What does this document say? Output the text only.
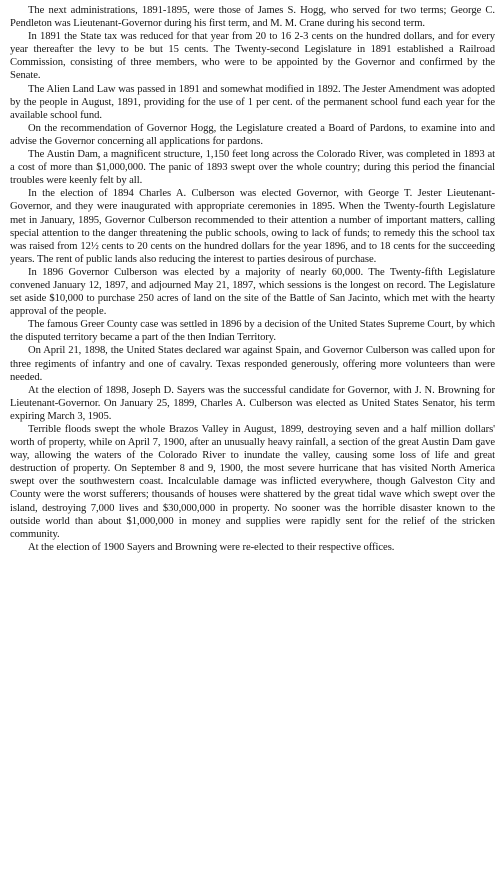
The next administrations, 1891-1895, were those of James S. Hogg, who served for two terms; George C. Pendleton was Lieutenant-Governor during his first term, and M. M. Crane during his second term.

In 1891 the State tax was reduced for that year from 20 to 16 2-3 cents on the hundred dollars, and for every year thereafter the levy to be but 15 cents. The Twenty-second Legislature in 1891 established a Railroad Commission, consisting of three members, who were to be appointed by the Governor and confirmed by the Senate.

The Alien Land Law was passed in 1891 and somewhat modified in 1892. The Jester Amendment was adopted by the people in August, 1891, providing for the use of 1 per cent. of the permanent school fund each year for the available school fund.

On the recommendation of Governor Hogg, the Legislature created a Board of Pardons, to examine into and advise the Governor concerning all applications for pardons.

The Austin Dam, a magnificent structure, 1,150 feet long across the Colorado River, was completed in 1893 at a cost of more than $1,000,000. The panic of 1893 swept over the whole country; during this period the financial troubles were keenly felt by all.

In the election of 1894 Charles A. Culberson was elected Governor, with George T. Jester Lieutenant-Governor, and they were inaugurated with appropriate ceremonies in 1895. When the Twenty-fourth Legislature met in January, 1895, Governor Culberson recommended to their attention a number of important matters, calling special attention to the danger threatening the public schools, owing to lack of funds; to remedy this the school tax was raised from 12½ cents to 20 cents on the hundred dollars for the year 1896, and to 18 cents for the succeeding years. The rent of public lands also reducing the interest to parties desirous of purchase.

In 1896 Governor Culberson was elected by a majority of nearly 60,000. The Twenty-fifth Legislature convened January 12, 1897, and adjourned May 21, 1897, which sessions is the longest on record. The Legislature set aside $10,000 to purchase 250 acres of land on the site of the Battle of San Jacinto, which met with the hearty approval of the people.

The famous Greer County case was settled in 1896 by a decision of the United States Supreme Court, by which the disputed territory became a part of the then Indian Territory.

On April 21, 1898, the United States declared war against Spain, and Governor Culberson was called upon for three regiments of infantry and one of cavalry. Texas responded generously, offering more volunteers than were needed.

At the election of 1898, Joseph D. Sayers was the successful candidate for Governor, with J. N. Browning for Lieutenant-Governor. On January 25, 1899, Charles A. Culberson was elected as United States Senator, his term expiring March 3, 1905.

Terrible floods swept the whole Brazos Valley in August, 1899, destroying seven and a half million dollars' worth of property, while on April 7, 1900, after an unusually heavy rainfall, a section of the great Austin Dam gave way, allowing the waters of the Colorado River to inundate the valley, causing some loss of life and great destruction of property. On September 8 and 9, 1900, the most severe hurricane that has visited North America swept over the southwestern coast. Incalculable damage was inflicted everywhere, though Galveston City and County were the worst sufferers; thousands of houses were shattered by the great tidal wave which swept over the island, destroying 7,000 lives and $30,000,000 in property. No sooner was the horrible disaster known to the outside world than about $1,000,000 in money and supplies were rapidly sent for the relief of the stricken community.

At the election of 1900 Sayers and Browning were re-elected to their respective offices.
